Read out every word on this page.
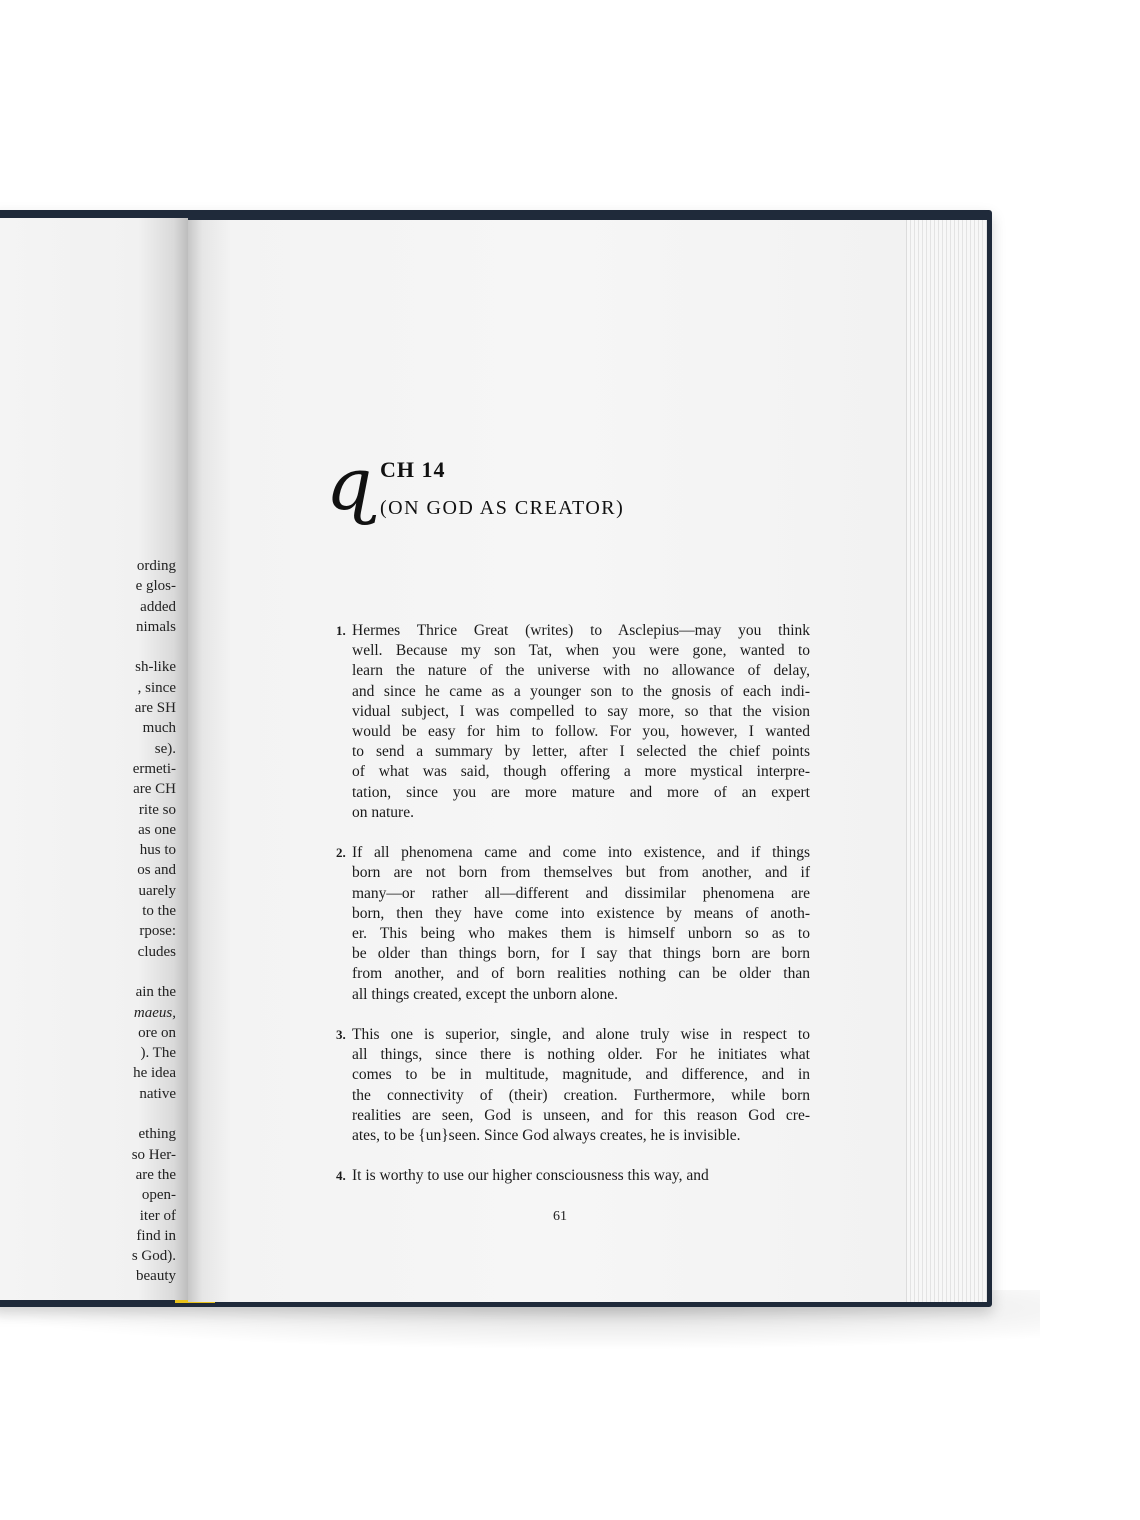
ording
e glos-
added
nimals
sh-like
, since
are SH
much
se).
ermeti-
are CH
rite so
as one
hus to
os and
uarely
to the
rpose:
cludes
ain the
maeus,
ore on
). The
he idea
native
ething
so Her-
are the
open-
iter of
find in
s God).
beauty
ɋ CH 14
(ON GOD AS CREATOR)
1. Hermes Thrice Great (writes) to Asclepius—may you think
well. Because my son Tat, when you were gone, wanted to
learn the nature of the universe with no allowance of delay,
and since he came as a younger son to the gnosis of each indi-
vidual subject, I was compelled to say more, so that the vision
would be easy for him to follow. For you, however, I wanted
to send a summary by letter, after I selected the chief points
of what was said, though offering a more mystical interpre-
tation, since you are more mature and more of an expert
on nature.
2. If all phenomena came and come into existence, and if things
born are not born from themselves but from another, and if
many—or rather all—different and dissimilar phenomena are
born, then they have come into existence by means of anoth-
er. This being who makes them is himself unborn so as to
be older than things born, for I say that things born are born
from another, and of born realities nothing can be older than
all things created, except the unborn alone.
3. This one is superior, single, and alone truly wise in respect to
all things, since there is nothing older. For he initiates what
comes to be in multitude, magnitude, and difference, and in
the connectivity of (their) creation. Furthermore, while born
realities are seen, God is unseen, and for this reason God cre-
ates, to be {un}seen. Since God always creates, he is invisible.
4. It is worthy to use our higher consciousness this way, and
61
